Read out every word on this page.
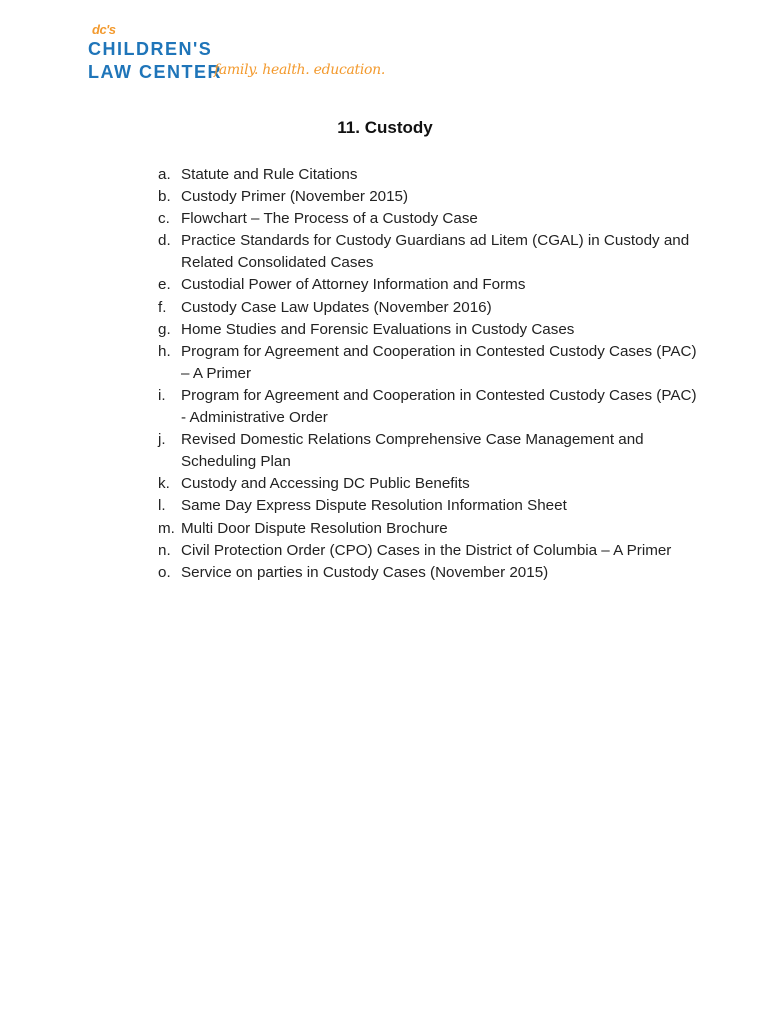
dc's
CHILDREN'S
LAW CENTER
family. health. education.
11. Custody
a. Statute and Rule Citations
b. Custody Primer (November 2015)
c. Flowchart – The Process of a Custody Case
d. Practice Standards for Custody Guardians ad Litem (CGAL) in Custody and Related Consolidated Cases
e. Custodial Power of Attorney Information and Forms
f. Custody Case Law Updates (November 2016)
g. Home Studies and Forensic Evaluations in Custody Cases
h. Program for Agreement and Cooperation in Contested Custody Cases (PAC) – A Primer
i. Program for Agreement and Cooperation in Contested Custody Cases (PAC) - Administrative Order
j. Revised Domestic Relations Comprehensive Case Management and Scheduling Plan
k. Custody and Accessing DC Public Benefits
l. Same Day Express Dispute Resolution Information Sheet
m. Multi Door Dispute Resolution Brochure
n. Civil Protection Order (CPO) Cases in the District of Columbia – A Primer
o. Service on parties in Custody Cases (November 2015)
